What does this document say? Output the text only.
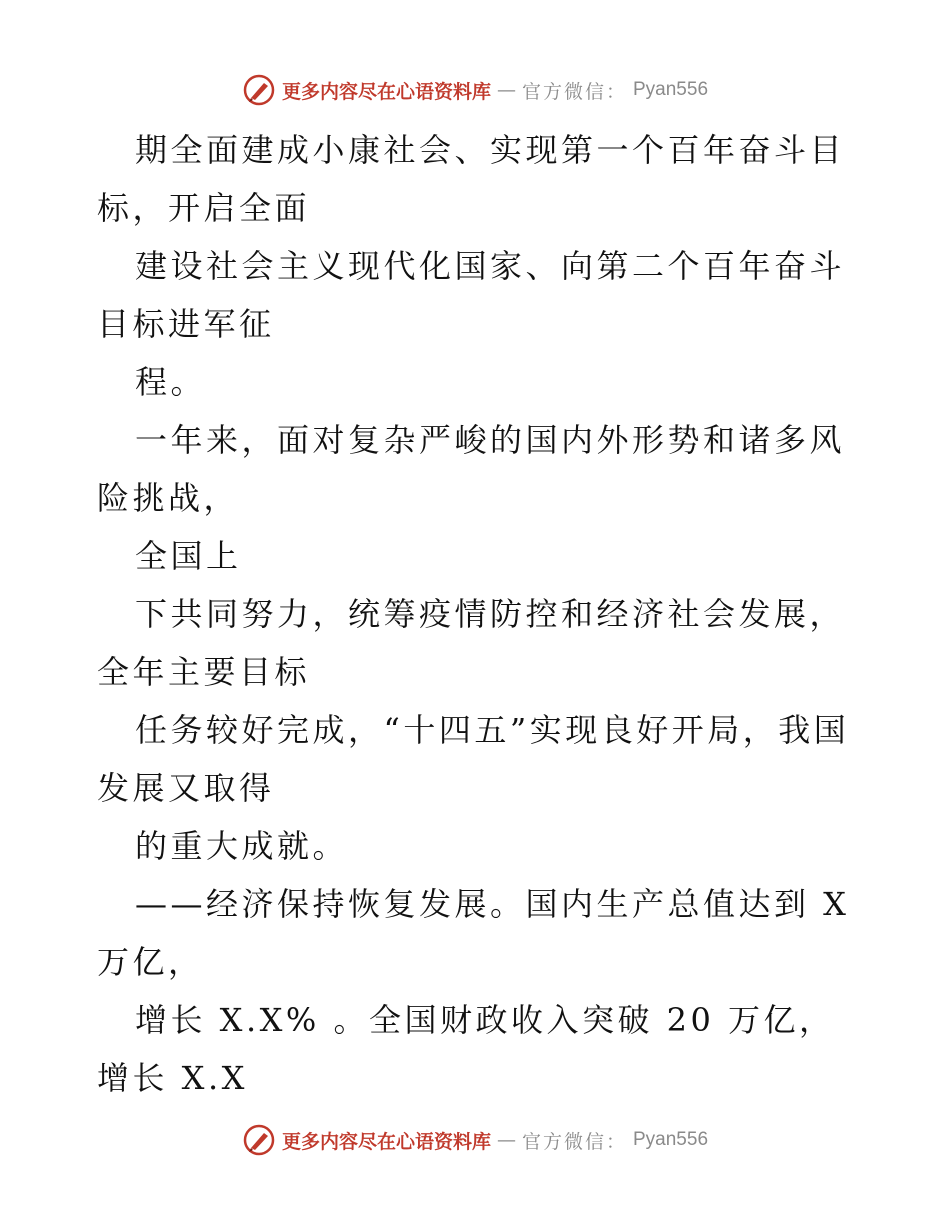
更多内容尽在心语资料库 — 官方微信： Pyan556

期全面建成小康社会、实现第一个百年奋斗目标，开启全面

建设社会主义现代化国家、向第二个百年奋斗目标进军征

程。

一年来，面对复杂严峻的国内外形势和诸多风险挑战，

全国上

下共同努力，统筹疫情防控和经济社会发展，全年主要目标

任务较好完成，“十四五”实现良好开局，我国发展又取得

的重大成就。

——经济保持恢复发展。国内生产总值达到 X 万亿，

增长 X.X% 。全国财政收入突破 20 万亿，增长 X.X

更多内容尽在心语资料库 — 官方微信： Pyan556
